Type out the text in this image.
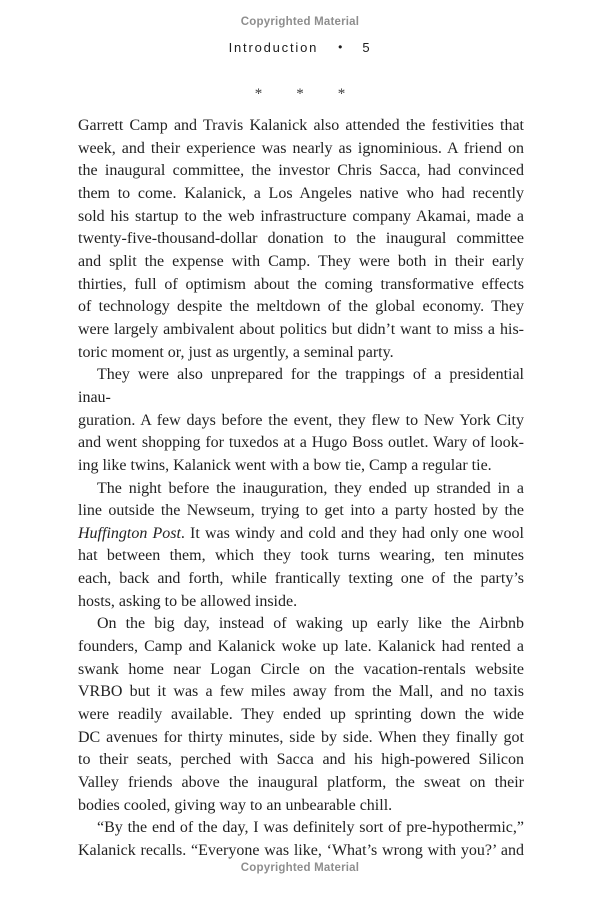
Copyrighted Material
Introduction • 5
* * *
Garrett Camp and Travis Kalanick also attended the festivities that
week, and their experience was nearly as ignominious. A friend on
the inaugural committee, the investor Chris Sacca, had convinced
them to come. Kalanick, a Los Angeles native who had recently
sold his startup to the web infrastructure company Akamai, made a
twenty-five-thousand-dollar donation to the inaugural committee
and split the expense with Camp. They were both in their early
thirties, full of optimism about the coming transformative effects
of technology despite the meltdown of the global economy. They
were largely ambivalent about politics but didn’t want to miss a his-
toric moment or, just as urgently, a seminal party.
They were also unprepared for the trappings of a presidential inau-
guration. A few days before the event, they flew to New York City
and went shopping for tuxedos at a Hugo Boss outlet. Wary of look-
ing like twins, Kalanick went with a bow tie, Camp a regular tie.
The night before the inauguration, they ended up stranded in a
line outside the Newseum, trying to get into a party hosted by the
Huffington Post. It was windy and cold and they had only one wool
hat between them, which they took turns wearing, ten minutes
each, back and forth, while frantically texting one of the party’s
hosts, asking to be allowed inside.
On the big day, instead of waking up early like the Airbnb
founders, Camp and Kalanick woke up late. Kalanick had rented a
swank home near Logan Circle on the vacation-rentals website
VRBO but it was a few miles away from the Mall, and no taxis
were readily available. They ended up sprinting down the wide
DC avenues for thirty minutes, side by side. When they finally got
to their seats, perched with Sacca and his high-powered Silicon
Valley friends above the inaugural platform, the sweat on their
bodies cooled, giving way to an unbearable chill.
“By the end of the day, I was definitely sort of pre-hypothermic,”
Kalanick recalls. “Everyone was like, ‘What’s wrong with you?’ and
Copyrighted Material
